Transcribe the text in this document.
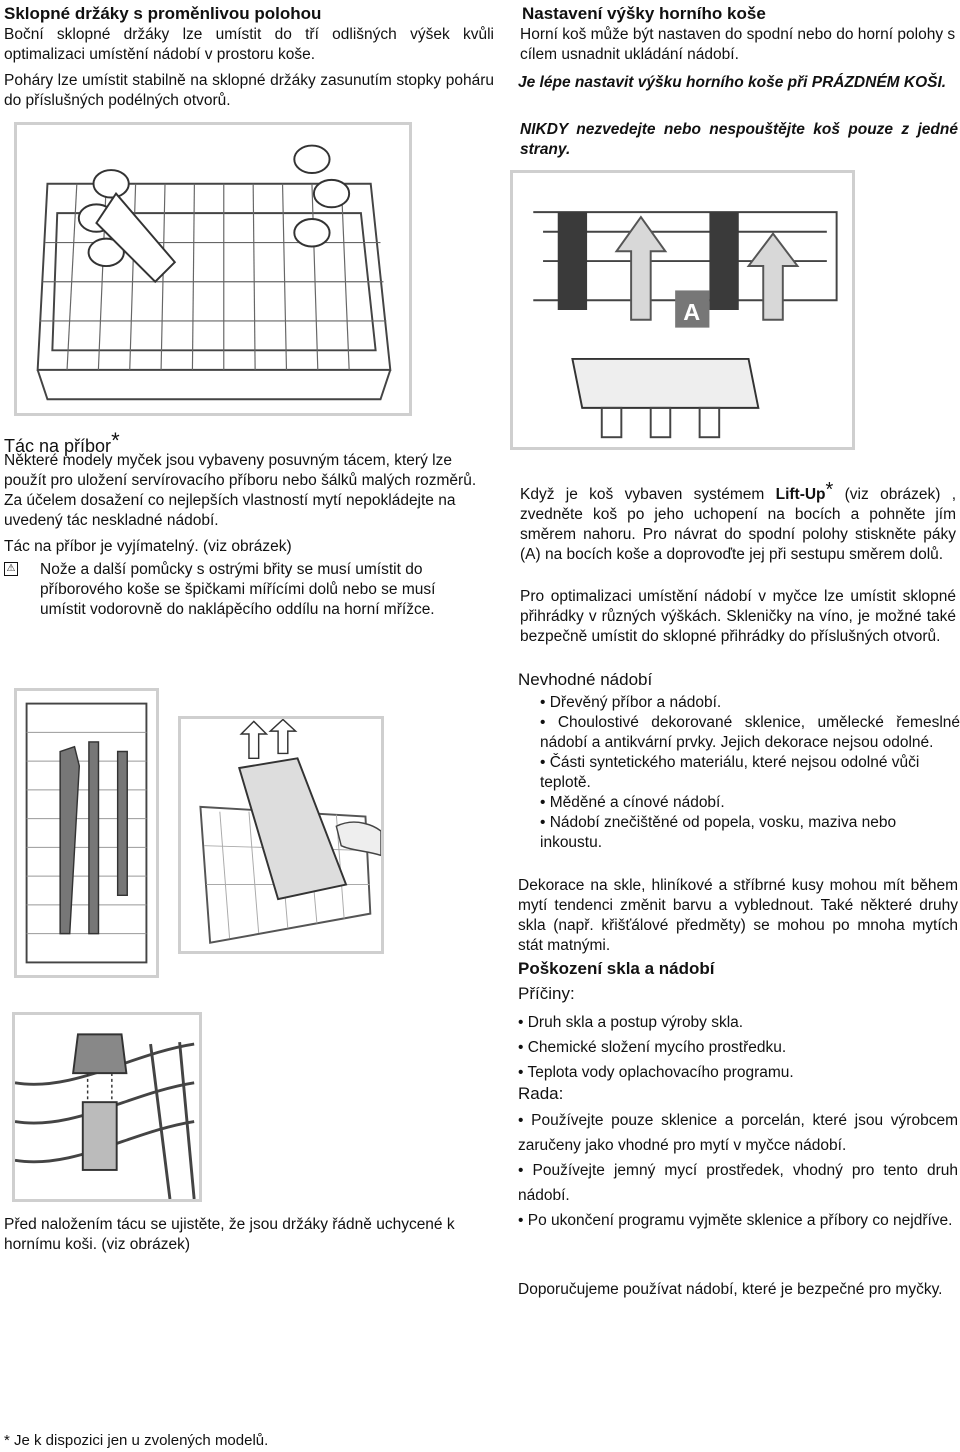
Sklopné držáky s proměnlivou polohou
Boční sklopné držáky lze umístit do tří odlišných výšek kvůli optimalizaci umístění nádobí v prostoru koše.
Poháry lze umístit stabilně na sklopné držáky zasunutím stopky poháru do příslušných podélných otvorů.
Nastavení výšky horního koše
Horní koš může být nastaven do spodní nebo do horní polohy s cílem usnadnit ukládání nádobí.
Je lépe nastavit výšku horního koše při PRÁZDNÉM KOŠI.
NIKDY nezvedejte nebo nespouštějte koš pouze z jedné strany.
A
Tác na příbor*
Některé modely myček jsou vybaveny posuvným tácem, který lze použít pro uložení servírovacího příboru nebo šálků malých rozměrů. Za účelem dosažení co nejlepších vlastností mytí nepokládejte na uvedený tác neskladné nádobí.
Tác na příbor je vyjímatelný. (viz obrázek)
⚠ Nože a další pomůcky s ostrými břity se musí umístit do příborového koše se špičkami mířícími dolů nebo se musí umístit vodorovně do naklápěcího oddílu na horní mřížce.
Před naložením tácu se ujistěte, že jsou držáky řádně uchycené k hornímu koši. (viz obrázek)
Když je koš vybaven systémem Lift-Up* (viz obrázek) , zvedněte koš po jeho uchopení na bocích a pohněte jím směrem nahoru. Pro návrat do spodní polohy stiskněte páky (A) na bocích koše a doprovoďte jej při sestupu směrem dolů.
Pro optimalizaci umístění nádobí v myčce lze umístit sklopné přihrádky v různých výškách. Skleničky na víno, je možné také bezpečně umístit do sklopné přihrádky do příslušných otvorů.
Nevhodné nádobí
• Dřevěný příbor a nádobí.
• Choulostivé dekorované sklenice, umělecké řemeslné nádobí a antikvární prvky. Jejich dekorace nejsou odolné.
• Části syntetického materiálu, které nejsou odolné vůči teplotě.
• Měděné a cínové nádobí.
• Nádobí znečištěné od popela, vosku, maziva nebo inkoustu.
Dekorace na skle, hliníkové a stříbrné kusy mohou mít během mytí tendenci změnit barvu a vyblednout. Také některé druhy skla (např. křišťálové předměty) se mohou po mnoha mytích stát matnými.
Poškození skla a nádobí
Příčiny:
• Druh skla a postup výroby skla.
• Chemické složení mycího prostředku.
• Teplota vody oplachovacího programu.
Rada:
• Používejte pouze sklenice a porcelán, které jsou výrobcem zaručeny jako vhodné pro mytí v myčce nádobí.
• Používejte jemný mycí prostředek, vhodný pro tento druh nádobí.
• Po ukončení programu vyjměte sklenice a příbory co nejdříve.
Doporučujeme používat nádobí, které je bezpečné pro myčky.
* Je k dispozici jen u zvolených modelů.
